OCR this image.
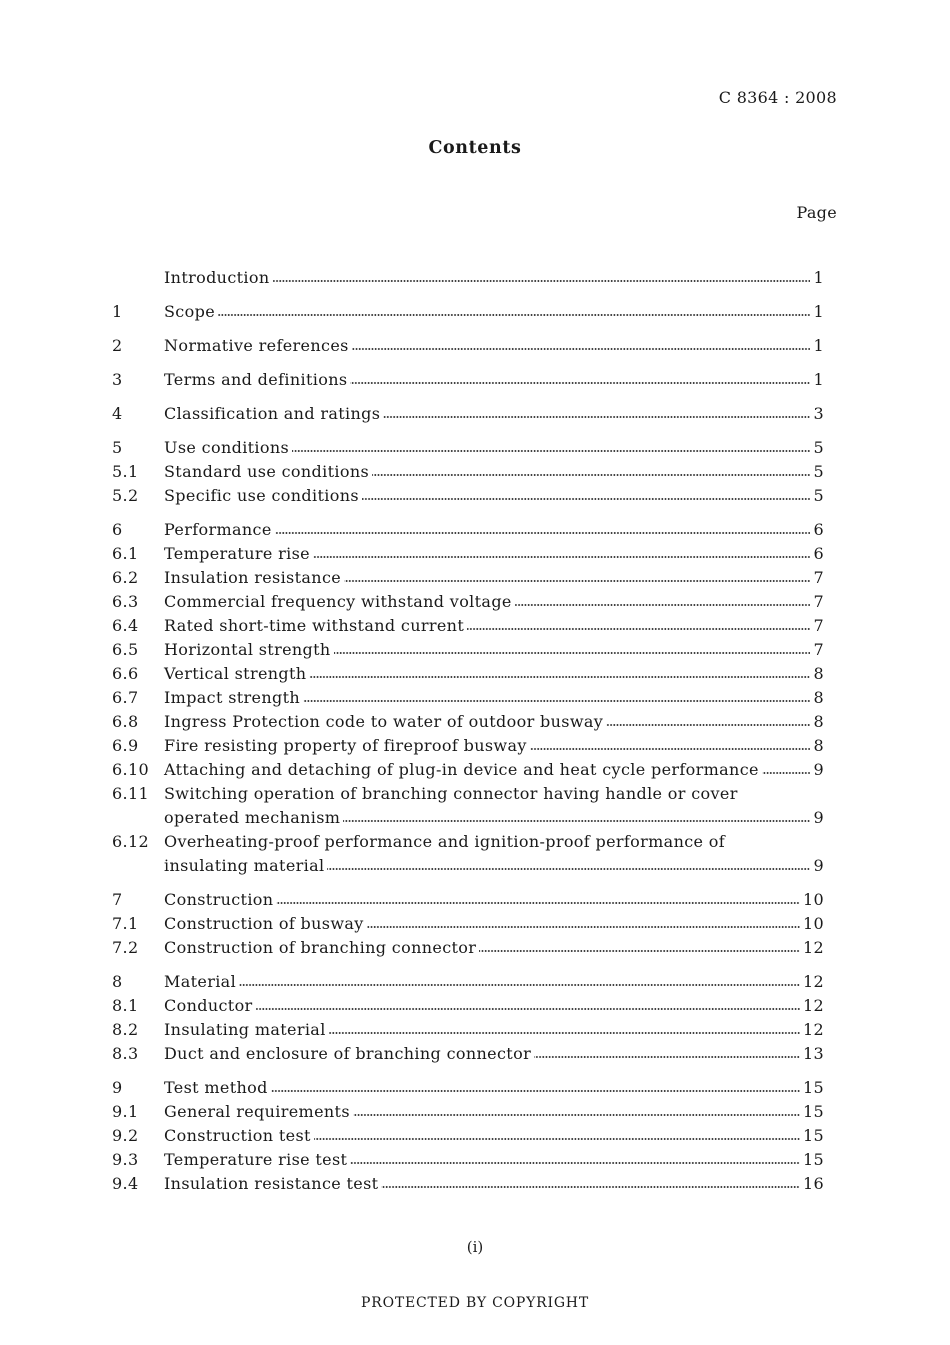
C 8364 : 2008
Contents
Page
Introduction	1
1	Scope	1
2	Normative references	1
3	Terms and definitions	1
4	Classification and ratings	3
5	Use conditions	5
5.1	Standard use conditions	5
5.2	Specific use conditions	5
6	Performance	6
6.1	Temperature rise	6
6.2	Insulation resistance	7
6.3	Commercial frequency withstand voltage	7
6.4	Rated short-time withstand current	7
6.5	Horizontal strength	7
6.6	Vertical strength	8
6.7	Impact strength	8
6.8	Ingress Protection code to water of outdoor busway	8
6.9	Fire resisting property of fireproof busway	8
6.10 Attaching and detaching of plug-in device and heat cycle performance	9
6.11 Switching operation of branching connector having handle or cover
operated mechanism	9
6.12 Overheating-proof performance and ignition-proof performance of
insulating material	9
7	Construction	10
7.1	Construction of busway	10
7.2	Construction of branching connector	12
8	Material	12
8.1	Conductor	12
8.2	Insulating material	12
8.3	Duct and enclosure of branching connector	13
9	Test method	15
9.1	General requirements	15
9.2	Construction test	15
9.3	Temperature rise test	15
9.4	Insulation resistance test	16
(i)
PROTECTED BY COPYRIGHT
